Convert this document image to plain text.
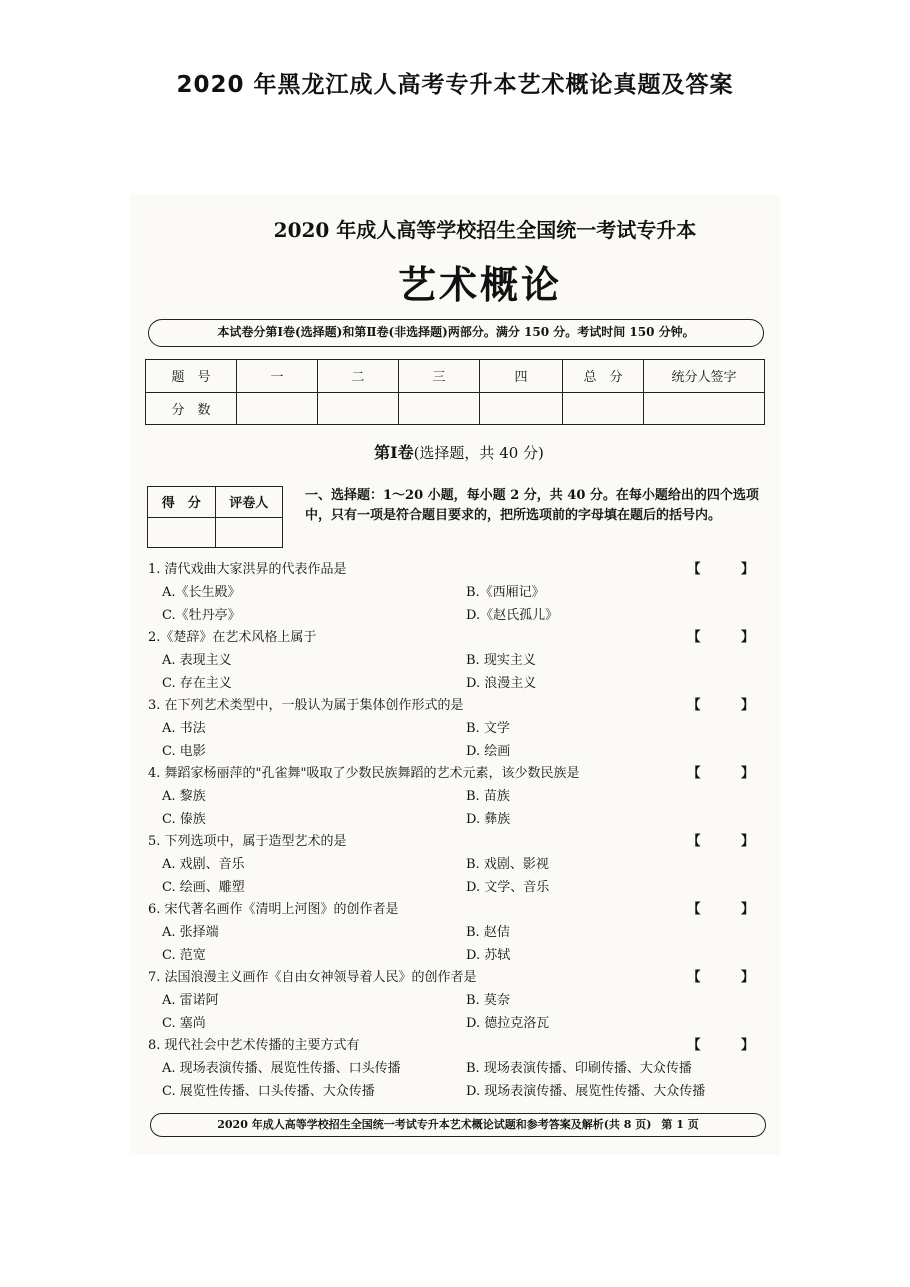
2020 年黑龙江成人高考专升本艺术概论真题及答案
2020 年成人高等学校招生全国统一考试专升本
艺术概论
本试卷分第Ⅰ卷(选择题)和第Ⅱ卷(非选择题)两部分。满分 150 分。考试时间 150 分钟。
题　号	一	二	三	四	总　分	统分人签字
分　数						
第Ⅰ卷(选择题，共 40 分)
得　分	评卷人

一、选择题：1～20 小题，每小题 2 分，共 40 分。在每小题给出的四个选项中，只有一项是符合题目要求的，把所选项前的字母填在题后的括号内。
1. 清代戏曲大家洪昇的代表作品是	【 】
A.《长生殿》	B.《西厢记》
C.《牡丹亭》	D.《赵氏孤儿》
2.《楚辞》在艺术风格上属于	【 】
A. 表现主义	B. 现实主义
C. 存在主义	D. 浪漫主义
3. 在下列艺术类型中，一般认为属于集体创作形式的是	【 】
A. 书法	B. 文学
C. 电影	D. 绘画
4. 舞蹈家杨丽萍的"孔雀舞"吸取了少数民族舞蹈的艺术元素，该少数民族是	【 】
A. 黎族	B. 苗族
C. 傣族	D. 彝族
5. 下列选项中，属于造型艺术的是	【 】
A. 戏剧、音乐	B. 戏剧、影视
C. 绘画、雕塑	D. 文学、音乐
6. 宋代著名画作《清明上河图》的创作者是	【 】
A. 张择端	B. 赵佶
C. 范宽	D. 苏轼
7. 法国浪漫主义画作《自由女神领导着人民》的创作者是	【 】
A. 雷诺阿	B. 莫奈
C. 塞尚	D. 德拉克洛瓦
8. 现代社会中艺术传播的主要方式有	【 】
A. 现场表演传播、展览性传播、口头传播	B. 现场表演传播、印刷传播、大众传播
C. 展览性传播、口头传播、大众传播	D. 现场表演传播、展览性传播、大众传播
2020 年成人高等学校招生全国统一考试专升本艺术概论试题和参考答案及解析(共 8 页) 第 1 页
